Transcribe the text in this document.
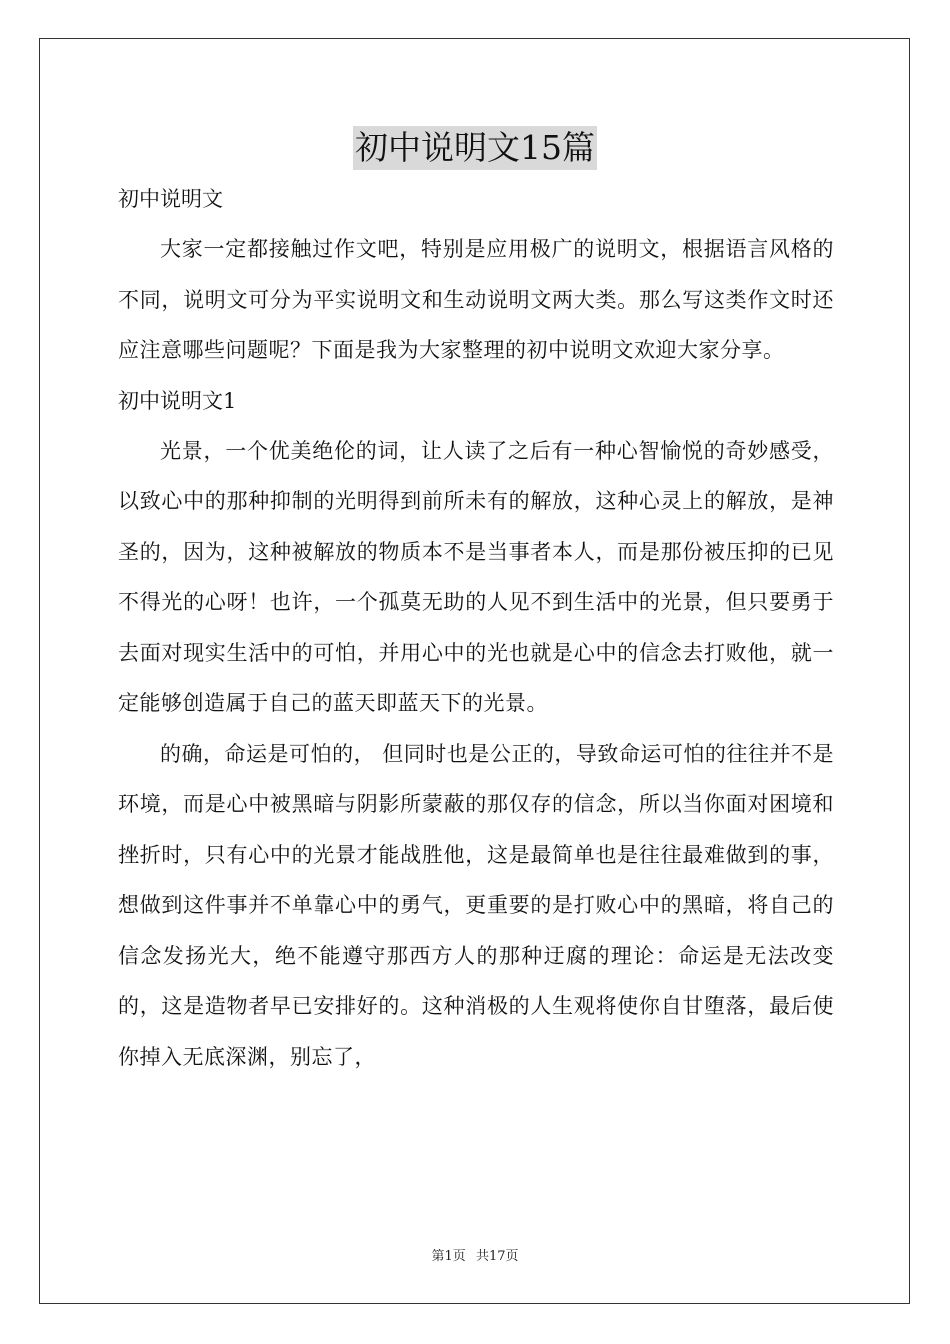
初中说明文15篇

初中说明文

大家一定都接触过作文吧，特别是应用极广的说明文，根据语言风格的不同，说明文可分为平实说明文和生动说明文两大类。那么写这类作文时还应注意哪些问题呢？下面是我为大家整理的初中说明文欢迎大家分享。

初中说明文1

光景，一个优美绝伦的词，让人读了之后有一种心智愉悦的奇妙感受，以致心中的那种抑制的光明得到前所未有的解放，这种心灵上的解放，是神圣的，因为，这种被解放的物质本不是当事者本人，而是那份被压抑的已见不得光的心呀！也许，一个孤莫无助的人见不到生活中的光景，但只要勇于去面对现实生活中的可怕，并用心中的光也就是心中的信念去打败他，就一定能够创造属于自己的蓝天即蓝天下的光景。

的确，命运是可怕的， 但同时也是公正的，导致命运可怕的往往并不是环境，而是心中被黑暗与阴影所蒙蔽的那仅存的信念，所以当你面对困境和挫折时，只有心中的光景才能战胜他，这是最简单也是往往最难做到的事，想做到这件事并不单靠心中的勇气，更重要的是打败心中的黑暗，将自己的信念发扬光大，绝不能遵守那西方人的那种迂腐的理论：命运是无法改变的，这是造物者早已安排好的。这种消极的人生观将使你自甘堕落，最后使你掉入无底深渊，别忘了，

第1页 共17页
